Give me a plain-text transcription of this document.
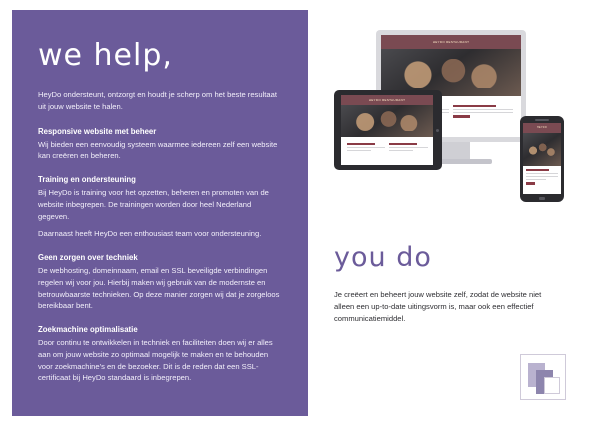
we help,

HeyDo ondersteunt, ontzorgt en houdt je scherp om het beste resultaat uit jouw website te halen.

Responsive website met beheer

Wij bieden een eenvoudig systeem waarmee iedereen zelf een website kan creëren en beheren.

Training en ondersteuning

Bij HeyDo is training voor het opzetten, beheren en promoten van de website inbegrepen. De trainingen worden door heel Nederland gegeven.

Daarnaast heeft HeyDo een enthousiast team voor ondersteuning.

Geen zorgen over techniek

De webhosting, domeinnaam, email en SSL beveiligde verbindingen regelen wij voor jou. Hierbij maken wij gebruik van de modernste en betrouwbaarste technieken. Op deze manier zorgen wij dat je zorgeloos bereikbaar bent.

Zoekmachine optimalisatie

Door continu te ontwikkelen in techniek en faciliteiten doen wij er alles aan om jouw website zo optimaal mogelijk te maken en te behouden voor zoekmachine's en de bezoeker. Dit is de reden dat een SSL-certificaat bij HeyDo standaard is inbegrepen.

HEYDO RESTAURANT
HEYDO RESTAURANT
HEYDO
you do

Je creëert en beheert jouw website zelf, zodat de website niet alleen een up-to-date uitingsvorm is, maar ook een effectief communicatiemiddel.
